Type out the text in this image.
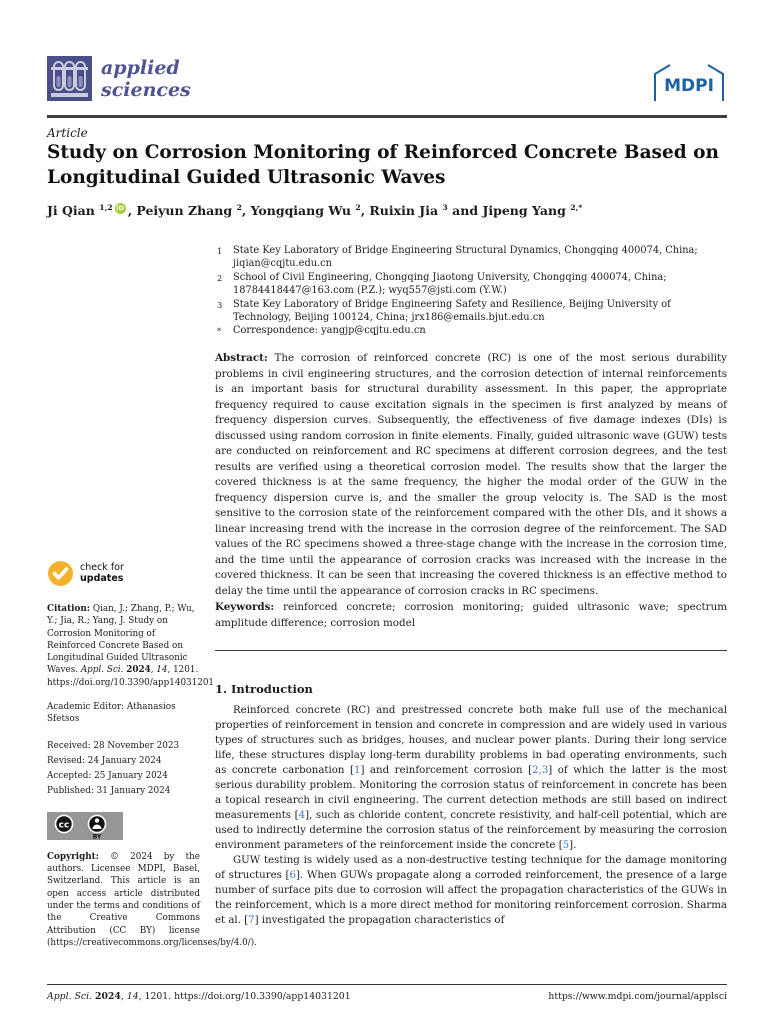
applied
sciences	MDPI
Article
Study on Corrosion Monitoring of Reinforced Concrete Based on Longitudinal Guided Ultrasonic Waves
Ji Qian $^{1,2}$ iD , Peiyun Zhang $^2$, Yongqiang Wu $^2$, Ruixin Jia $^3$ and Jipeng Yang $^{2,*}$
1	State Key Laboratory of Bridge Engineering Structural Dynamics, Chongqing 400074, China; jiqian@cqjtu.edu.cn
2	School of Civil Engineering, Chongqing Jiaotong University, Chongqing 400074, China; 18784418447@163.com (P.Z.); wyq557@jsti.com (Y.W.)
3	State Key Laboratory of Bridge Engineering Safety and Resilience, Beijing University of Technology, Beijing 100124, China; jrx186@emails.bjut.edu.cn
*	Correspondence: yangjp@cqjtu.edu.cn
Abstract: The corrosion of reinforced concrete (RC) is one of the most serious durability problems in civil engineering structures, and the corrosion detection of internal reinforcements is an important basis for structural durability assessment. In this paper, the appropriate frequency required to cause excitation signals in the specimen is first analyzed by means of frequency dispersion curves. Subsequently, the effectiveness of five damage indexes (DIs) is discussed using random corrosion in finite elements. Finally, guided ultrasonic wave (GUW) tests are conducted on reinforcement and RC specimens at different corrosion degrees, and the test results are verified using a theoretical corrosion model. The results show that the larger the covered thickness is at the same frequency, the higher the modal order of the GUW in the frequency dispersion curve is, and the smaller the group velocity is. The SAD is the most sensitive to the corrosion state of the reinforcement compared with the other DIs, and it shows a linear increasing trend with the increase in the corrosion degree of the reinforcement. The SAD values of the RC specimens showed a three-stage change with the increase in the corrosion time, and the time until the appearance of corrosion cracks was increased with the increase in the covered thickness. It can be seen that increasing the covered thickness is an effective method to delay the time until the appearance of corrosion cracks in RC specimens.
Keywords: reinforced concrete; corrosion monitoring; guided ultrasonic wave; spectrum amplitude difference; corrosion model
1. Introduction

Reinforced concrete (RC) and prestressed concrete both make full use of the mechanical properties of reinforcement in tension and concrete in compression and are widely used in various types of structures such as bridges, houses, and nuclear power plants. During their long service life, these structures display long-term durability problems in bad operating environments, such as concrete carbonation [1] and reinforcement corrosion [2,3] of which the latter is the most serious durability problem. Monitoring the corrosion status of reinforcement in concrete has been a topical research in civil engineering. The current detection methods are still based on indirect measurements [4], such as chloride content, concrete resistivity, and half-cell potential, which are used to indirectly determine the corrosion status of the reinforcement by measuring the corrosion environment parameters of the reinforcement inside the concrete [5].

GUW testing is widely used as a non-destructive testing technique for the damage monitoring of structures [6]. When GUWs propagate along a corroded reinforcement, the presence of a large number of surface pits due to corrosion will affect the propagation characteristics of the GUWs in the reinforcement, which is a more direct method for monitoring reinforcement corrosion. Sharma et al. [7] investigated the propagation characteristics of

check for
updates
Citation: Qian, J.; Zhang, P.; Wu, Y.; Jia, R.; Yang, J. Study on Corrosion Monitoring of Reinforced Concrete Based on Longitudinal Guided Ultrasonic Waves. Appl. Sci. 2024, 14, 1201. https://doi.org/10.3390/app14031201
Academic Editor: Athanasios Sfetsos
Received: 28 November 2023
Revised: 24 January 2024
Accepted: 25 January 2024
Published: 31 January 2024
cc
BY
Copyright: © 2024 by the authors. Licensee MDPI, Basel, Switzerland. This article is an open access article distributed under the terms and conditions of the Creative Commons Attribution (CC BY) license (https://creativecommons.org/licenses/by/4.0/).
Appl. Sci. 2024, 14, 1201. https://doi.org/10.3390/app14031201	https://www.mdpi.com/journal/applsci
